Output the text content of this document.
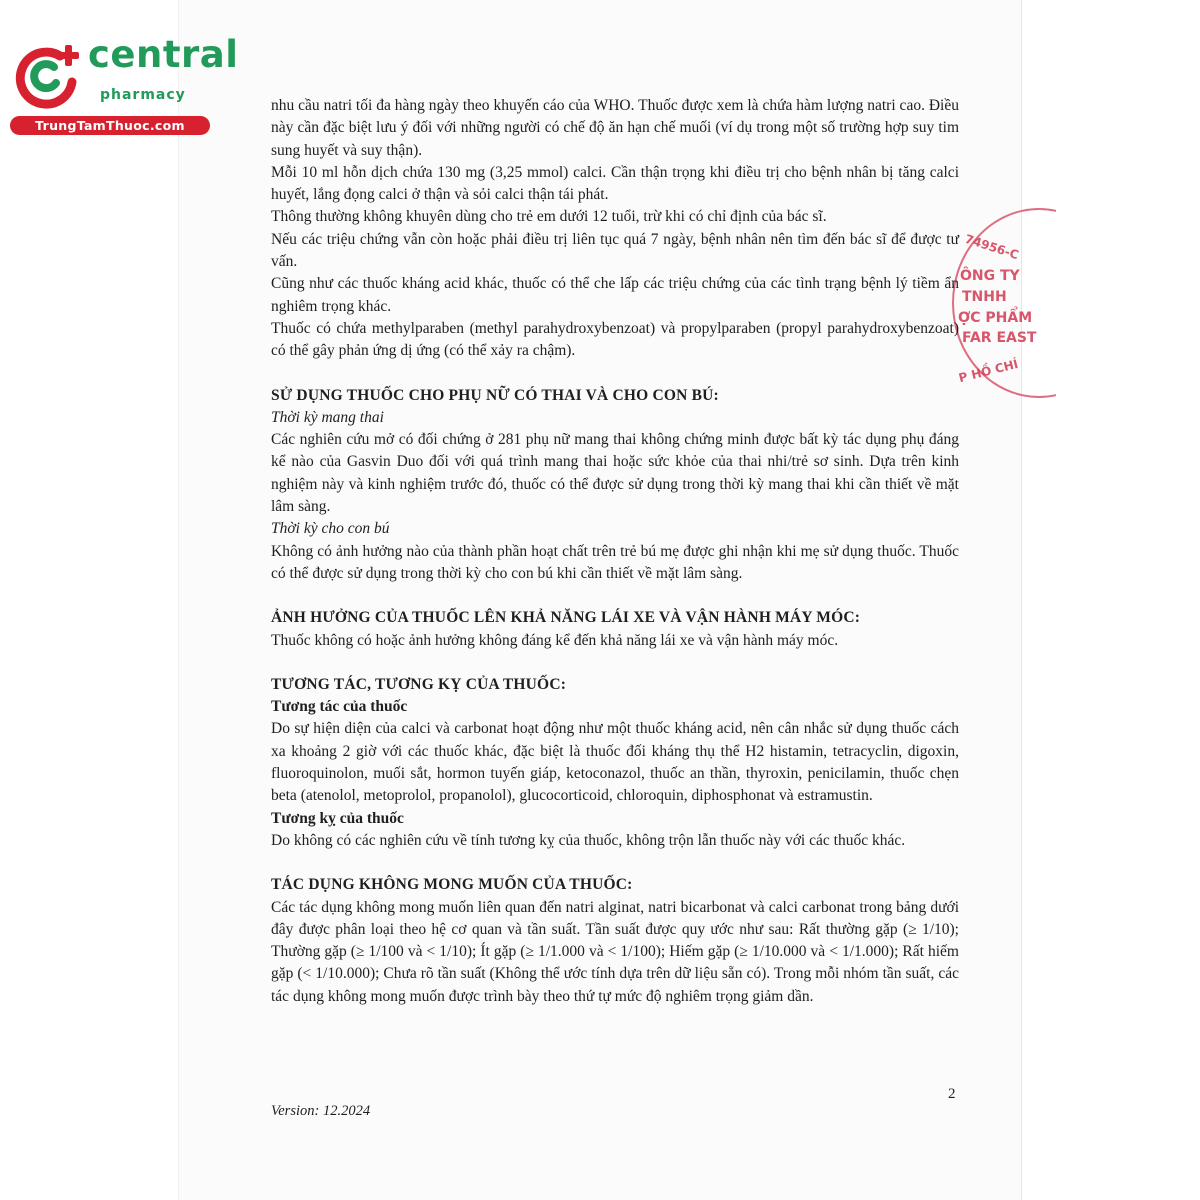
central
pharmacy
TrungTamThuoc.com
74956-C
ÔNG TY
TNHH
ỢC PHẨM
FAR EAST
P HỒ CHÍ

nhu cầu natri tối đa hàng ngày theo khuyến cáo của WHO. Thuốc được xem là chứa hàm lượng natri cao. Điều này cần đặc biệt lưu ý đối với những người có chế độ ăn hạn chế muối (ví dụ trong một số trường hợp suy tim sung huyết và suy thận).

Mỗi 10 ml hỗn dịch chứa 130 mg (3,25 mmol) calci. Cần thận trọng khi điều trị cho bệnh nhân bị tăng calci huyết, lắng đọng calci ở thận và sỏi calci thận tái phát.

Thông thường không khuyên dùng cho trẻ em dưới 12 tuổi, trừ khi có chỉ định của bác sĩ.

Nếu các triệu chứng vẫn còn hoặc phải điều trị liên tục quá 7 ngày, bệnh nhân nên tìm đến bác sĩ để được tư vấn.

Cũng như các thuốc kháng acid khác, thuốc có thể che lấp các triệu chứng của các tình trạng bệnh lý tiềm ẩn nghiêm trọng khác.

Thuốc có chứa methylparaben (methyl parahydroxybenzoat) và propylparaben (propyl parahydroxybenzoat) có thể gây phản ứng dị ứng (có thể xảy ra chậm).

SỬ DỤNG THUỐC CHO PHỤ NỮ CÓ THAI VÀ CHO CON BÚ:

Thời kỳ mang thai

Các nghiên cứu mở có đối chứng ở 281 phụ nữ mang thai không chứng minh được bất kỳ tác dụng phụ đáng kể nào của Gasvin Duo đối với quá trình mang thai hoặc sức khỏe của thai nhi/trẻ sơ sinh. Dựa trên kinh nghiệm này và kinh nghiệm trước đó, thuốc có thể được sử dụng trong thời kỳ mang thai khi cần thiết về mặt lâm sàng.

Thời kỳ cho con bú

Không có ảnh hưởng nào của thành phần hoạt chất trên trẻ bú mẹ được ghi nhận khi mẹ sử dụng thuốc. Thuốc có thể được sử dụng trong thời kỳ cho con bú khi cần thiết về mặt lâm sàng.

ẢNH HƯỞNG CỦA THUỐC LÊN KHẢ NĂNG LÁI XE VÀ VẬN HÀNH MÁY MÓC:

Thuốc không có hoặc ảnh hưởng không đáng kể đến khả năng lái xe và vận hành máy móc.

TƯƠNG TÁC, TƯƠNG KỴ CỦA THUỐC:

Tương tác của thuốc

Do sự hiện diện của calci và carbonat hoạt động như một thuốc kháng acid, nên cân nhắc sử dụng thuốc cách xa khoảng 2 giờ với các thuốc khác, đặc biệt là thuốc đối kháng thụ thể H2 histamin, tetracyclin, digoxin, fluoroquinolon, muối sắt, hormon tuyến giáp, ketoconazol, thuốc an thần, thyroxin, penicilamin, thuốc chẹn beta (atenolol, metoprolol, propanolol), glucocorticoid, chloroquin, diphosphonat và estramustin.

Tương kỵ của thuốc

Do không có các nghiên cứu về tính tương kỵ của thuốc, không trộn lẫn thuốc này với các thuốc khác.

TÁC DỤNG KHÔNG MONG MUỐN CỦA THUỐC:

Các tác dụng không mong muốn liên quan đến natri alginat, natri bicarbonat và calci carbonat trong bảng dưới đây được phân loại theo hệ cơ quan và tần suất. Tần suất được quy ước như sau: Rất thường gặp (≥ 1/10); Thường gặp (≥ 1/100 và < 1/10); Ít gặp (≥ 1/1.000 và < 1/100); Hiếm gặp (≥ 1/10.000 và < 1/1.000); Rất hiếm gặp (< 1/10.000); Chưa rõ tần suất (Không thể ước tính dựa trên dữ liệu sẵn có). Trong mỗi nhóm tần suất, các tác dụng không mong muốn được trình bày theo thứ tự mức độ nghiêm trọng giảm dần.

2
Version: 12.2024
